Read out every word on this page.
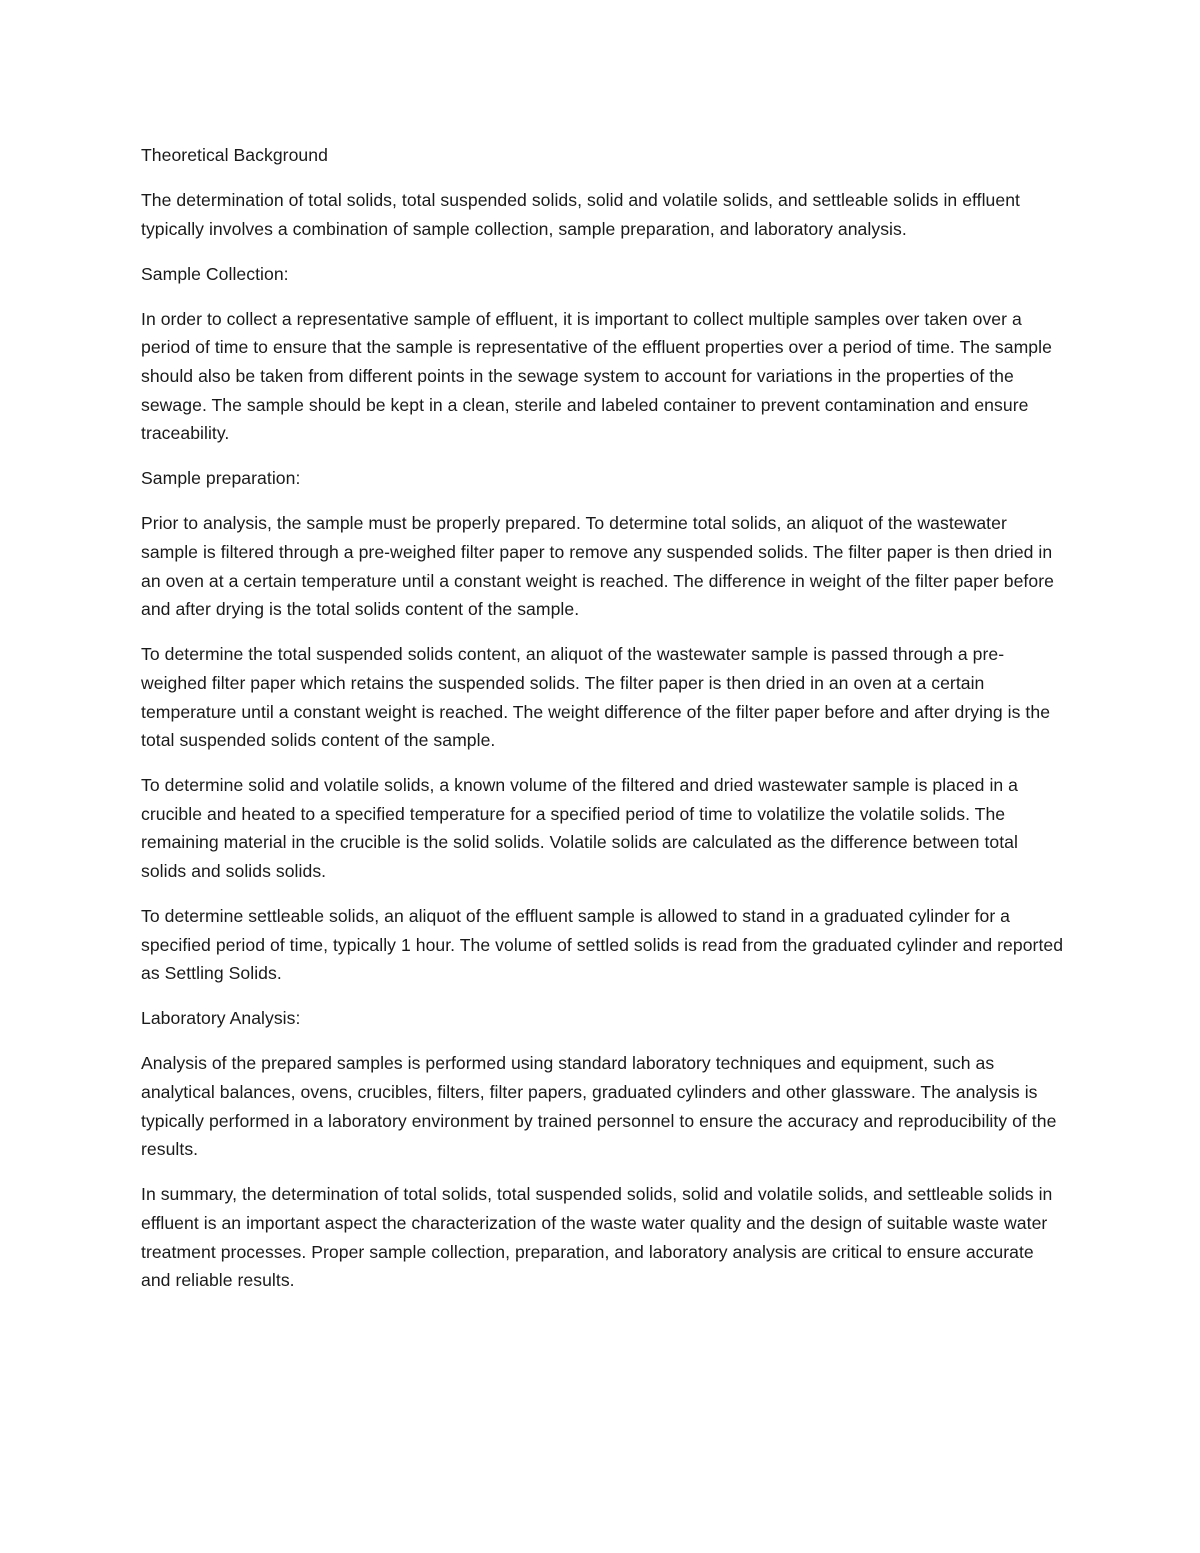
Theoretical Background

The determination of total solids, total suspended solids, solid and volatile solids, and settleable solids in effluent typically involves a combination of sample collection, sample preparation, and laboratory analysis.

Sample Collection:

In order to collect a representative sample of effluent, it is important to collect multiple samples over taken over a period of time to ensure that the sample is representative of the effluent properties over a period of time. The sample should also be taken from different points in the sewage system to account for variations in the properties of the sewage. The sample should be kept in a clean, sterile and labeled container to prevent contamination and ensure traceability.

Sample preparation:

Prior to analysis, the sample must be properly prepared. To determine total solids, an aliquot of the wastewater sample is filtered through a pre-weighed filter paper to remove any suspended solids. The filter paper is then dried in an oven at a certain temperature until a constant weight is reached. The difference in weight of the filter paper before and after drying is the total solids content of the sample.

To determine the total suspended solids content, an aliquot of the wastewater sample is passed through a pre-weighed filter paper which retains the suspended solids. The filter paper is then dried in an oven at a certain temperature until a constant weight is reached. The weight difference of the filter paper before and after drying is the total suspended solids content of the sample.

To determine solid and volatile solids, a known volume of the filtered and dried wastewater sample is placed in a crucible and heated to a specified temperature for a specified period of time to volatilize the volatile solids. The remaining material in the crucible is the solid solids. Volatile solids are calculated as the difference between total solids and solids solids.

To determine settleable solids, an aliquot of the effluent sample is allowed to stand in a graduated cylinder for a specified period of time, typically 1 hour. The volume of settled solids is read from the graduated cylinder and reported as Settling Solids.

Laboratory Analysis:

Analysis of the prepared samples is performed using standard laboratory techniques and equipment, such as analytical balances, ovens, crucibles, filters, filter papers, graduated cylinders and other glassware. The analysis is typically performed in a laboratory environment by trained personnel to ensure the accuracy and reproducibility of the results.

In summary, the determination of total solids, total suspended solids, solid and volatile solids, and settleable solids in effluent is an important aspect the characterization of the waste water quality and the design of suitable waste water treatment processes. Proper sample collection, preparation, and laboratory analysis are critical to ensure accurate and reliable results.
